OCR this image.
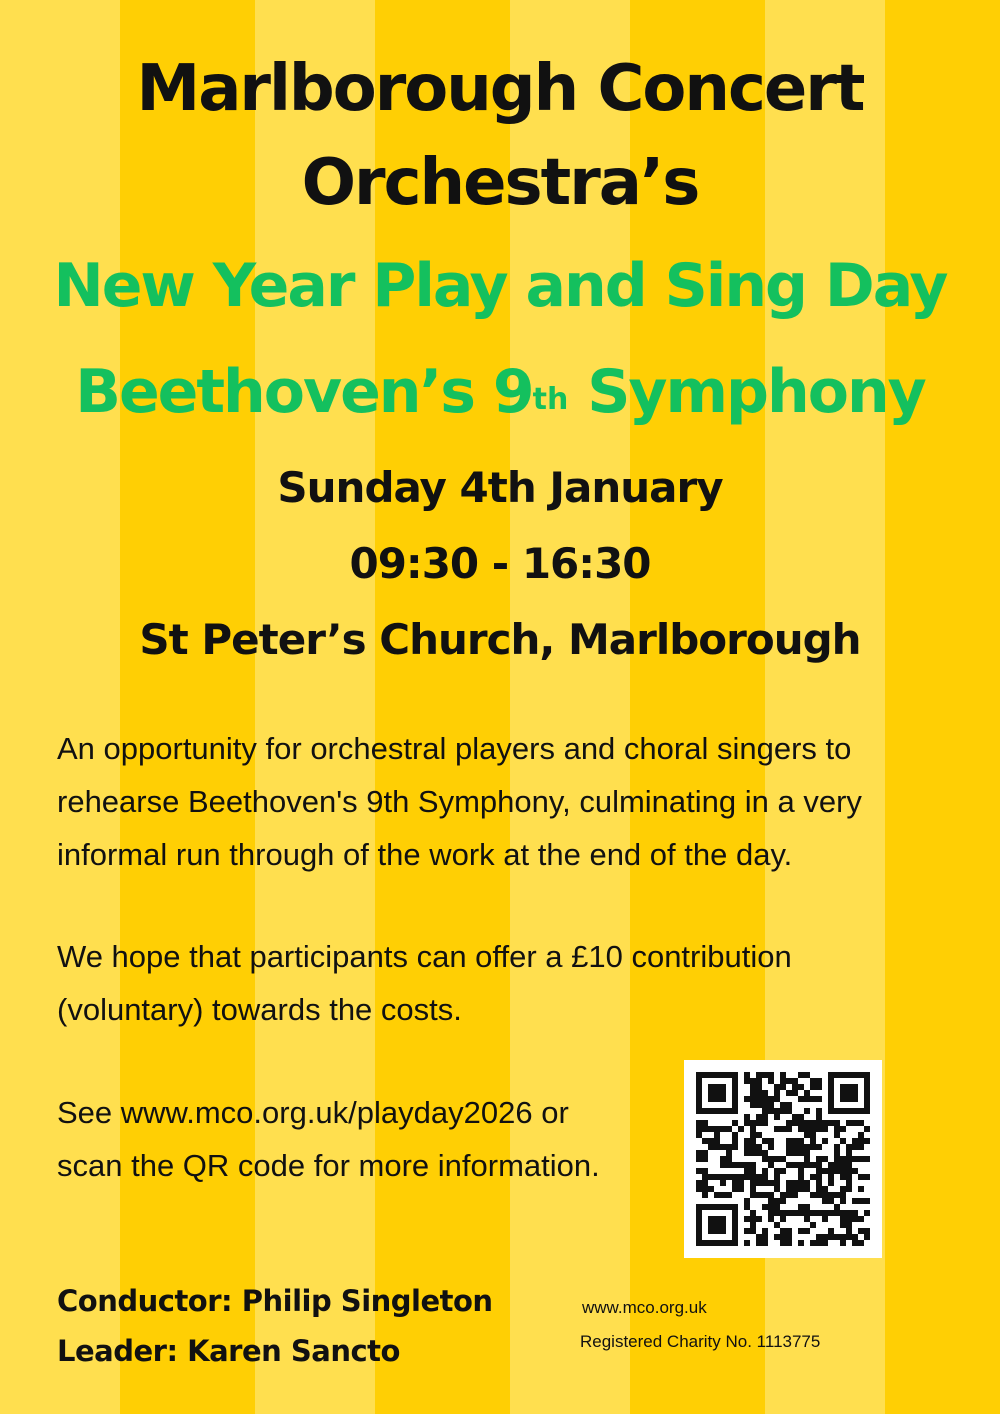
Marlborough Concert
Orchestra’s
New Year Play and Sing Day
Beethoven’s 9th Symphony
Sunday 4th January
09:30 - 16:30
St Peter’s Church, Marlborough
An opportunity for orchestral players and choral singers to
rehearse Beethoven's 9th Symphony, culminating in a very
informal run through of the work at the end of the day.
We hope that participants can offer a £10 contribution
(voluntary) towards the costs.
See www.mco.org.uk/playday2026 or
scan the QR code for more information.
Conductor: Philip Singleton
Leader: Karen Sancto
www.mco.org.uk
Registered Charity No. 1113775
